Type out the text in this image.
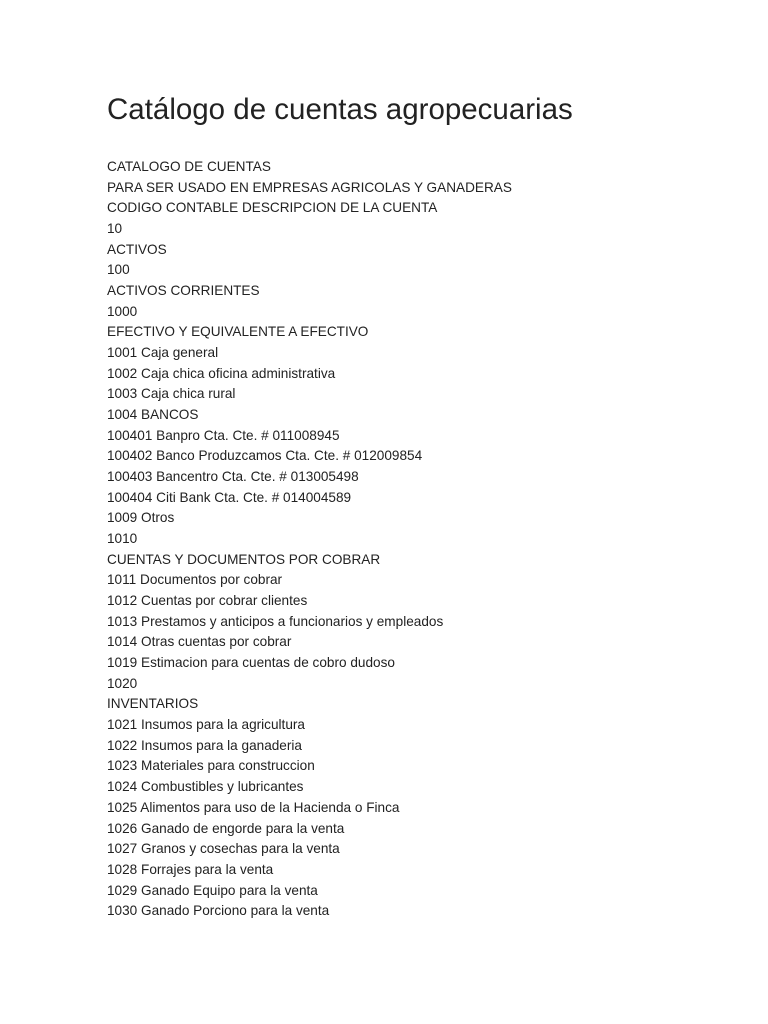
Catálogo de cuentas agropecuarias
CATALOGO DE CUENTAS
PARA SER USADO EN EMPRESAS AGRICOLAS Y GANADERAS
CODIGO CONTABLE DESCRIPCION DE LA CUENTA
10
ACTIVOS
100
ACTIVOS CORRIENTES
1000
EFECTIVO Y EQUIVALENTE A EFECTIVO
1001 Caja general
1002 Caja chica oficina administrativa
1003 Caja chica rural
1004 BANCOS
100401 Banpro Cta. Cte. # 011008945
100402 Banco Produzcamos Cta. Cte. # 012009854
100403 Bancentro Cta. Cte. # 013005498
100404 Citi Bank Cta. Cte. # 014004589
1009 Otros
1010
CUENTAS Y DOCUMENTOS POR COBRAR
1011 Documentos por cobrar
1012 Cuentas por cobrar clientes
1013 Prestamos y anticipos a funcionarios y empleados
1014 Otras cuentas por cobrar
1019 Estimacion para cuentas de cobro dudoso
1020
INVENTARIOS
1021 Insumos para la agricultura
1022 Insumos para la ganaderia
1023 Materiales para construccion
1024 Combustibles y lubricantes
1025 Alimentos para uso de la Hacienda o Finca
1026 Ganado de engorde para la venta
1027 Granos y cosechas para la venta
1028 Forrajes para la venta
1029 Ganado Equipo para la venta
1030 Ganado Porciono para la venta
